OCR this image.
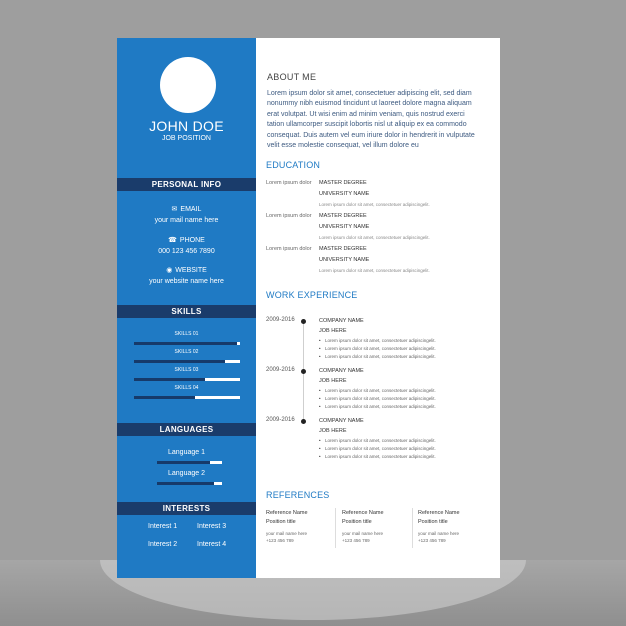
JOHN DOE
JOB POSITION
PERSONAL INFO
✉ EMAIL
your mail name here
☎ PHONE
000 123 456 7890
◉ WEBSITE
your website name here
SKILLS
SKILLS 01
SKILLS 02
SKILLS 03
SKILLS 04
LANGUAGES
Language 1
Language 2
INTERESTS
Interest 1	Interest 3
Interest 2	Interest 4
ABOUT ME
Lorem ipsum dolor sit amet, consectetuer adipiscing elit, sed diam nonummy nibh euismod tincidunt ut laoreet dolore magna aliquam erat volutpat. Ut wisi enim ad minim veniam, quis nostrud exerci tation ullamcorper suscipit lobortis nisl ut aliquip ex ea commodo consequat. Duis autem vel eum iriure dolor in hendrerit in vulputate velit esse molestie consequat, vel illum dolore eu
EDUCATION
Lorem ipsum dolor MASTER DEGREE
UNIVERSITY NAME
Lorem ipsum dolor sit amet, consectetuer adipiscingelit.
Lorem ipsum dolor MASTER DEGREE
UNIVERSITY NAME
Lorem ipsum dolor sit amet, consectetuer adipiscingelit.
Lorem ipsum dolor MASTER DEGREE
UNIVERSITY NAME
Lorem ipsum dolor sit amet, consectetuer adipiscingelit.
WORK EXPERIENCE
2009-2016	COMPANY NAME
JOB HERE
• Lorem ipsum dolor sit amet, consectetuer adipiscingelit.
• Lorem ipsum dolor sit amet, consectetuer adipiscingelit.
• Lorem ipsum dolor sit amet, consectetuer adipiscingelit.
2009-2016	COMPANY NAME
JOB HERE
• Lorem ipsum dolor sit amet, consectetuer adipiscingelit.
• Lorem ipsum dolor sit amet, consectetuer adipiscingelit.
• Lorem ipsum dolor sit amet, consectetuer adipiscingelit.
2009-2016	COMPANY NAME
JOB HERE
• Lorem ipsum dolor sit amet, consectetuer adipiscingelit.
• Lorem ipsum dolor sit amet, consectetuer adipiscingelit.
• Lorem ipsum dolor sit amet, consectetuer adipiscingelit.
REFERENCES
Reference Name
Position title
your mail name here
+123 456 789
Reference Name
Position title
your mail name here
+123 456 789
Reference Name
Position title
your mail name here
+123 456 789
